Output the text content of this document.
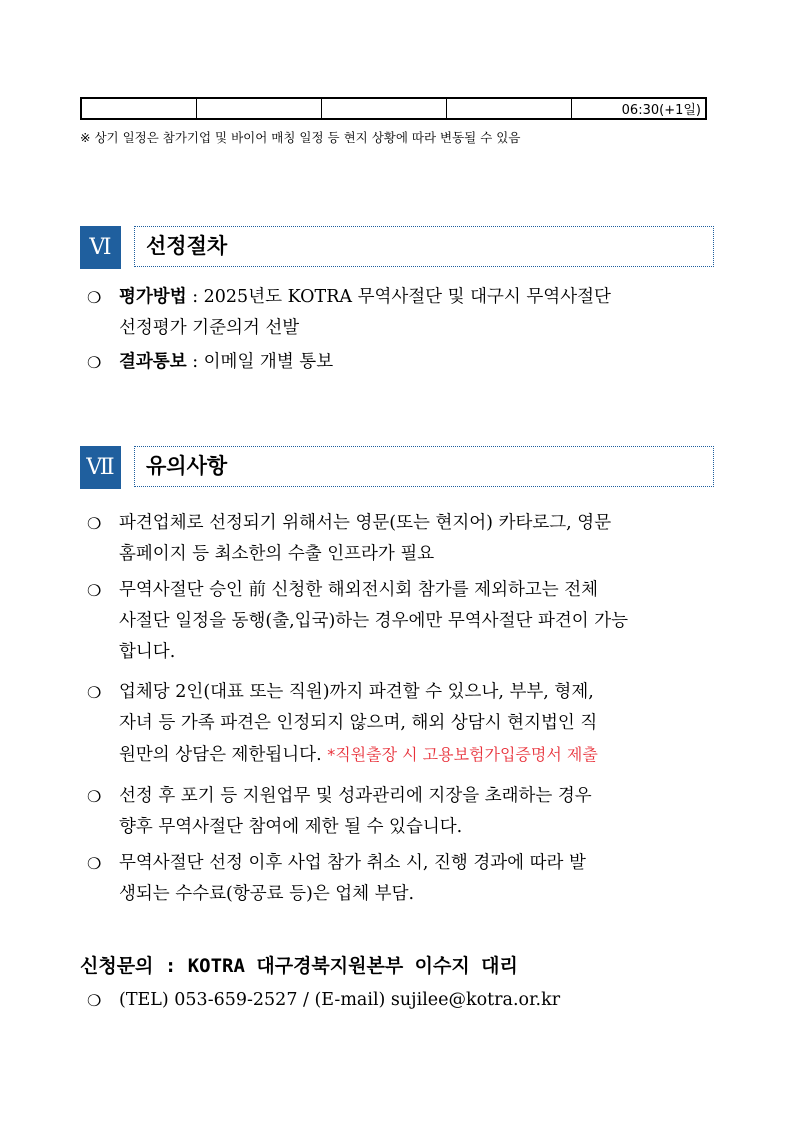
				06:30(+1일)
※ 상기 일정은 참가기업 및 바이어 매칭 일정 등 현지 상황에 따라 변동될 수 있음
Ⅵ	선정절차
❍ 평가방법 : 2025년도 KOTRA 무역사절단 및 대구시 무역사절단
선정평가 기준의거 선발
❍ 결과통보 : 이메일 개별 통보
Ⅶ 유의사항
❍ 파견업체로 선정되기 위해서는 영문(또는 현지어) 카타로그, 영문
홈페이지 등 최소한의 수출 인프라가 필요
❍ 무역사절단 승인 前 신청한 해외전시회 참가를 제외하고는 전체
사절단 일정을 동행(출,입국)하는 경우에만 무역사절단 파견이 가능
합니다.
❍ 업체당 2인(대표 또는 직원)까지 파견할 수 있으나, 부부, 형제,
자녀 등 가족 파견은 인정되지 않으며, 해외 상담시 현지법인 직
원만의 상담은 제한됩니다. *직원출장 시 고용보험가입증명서 제출
❍ 선정 후 포기 등 지원업무 및 성과관리에 지장을 초래하는 경우
향후 무역사절단 참여에 제한 될 수 있습니다.
❍ 무역사절단 선정 이후 사업 참가 취소 시, 진행 경과에 따라 발
생되는 수수료(항공료 등)은 업체 부담.
신청문의 : KOTRA 대구경북지원본부 이수지 대리
❍ (TEL) 053-659-2527 / (E-mail) sujilee@kotra.or.kr
